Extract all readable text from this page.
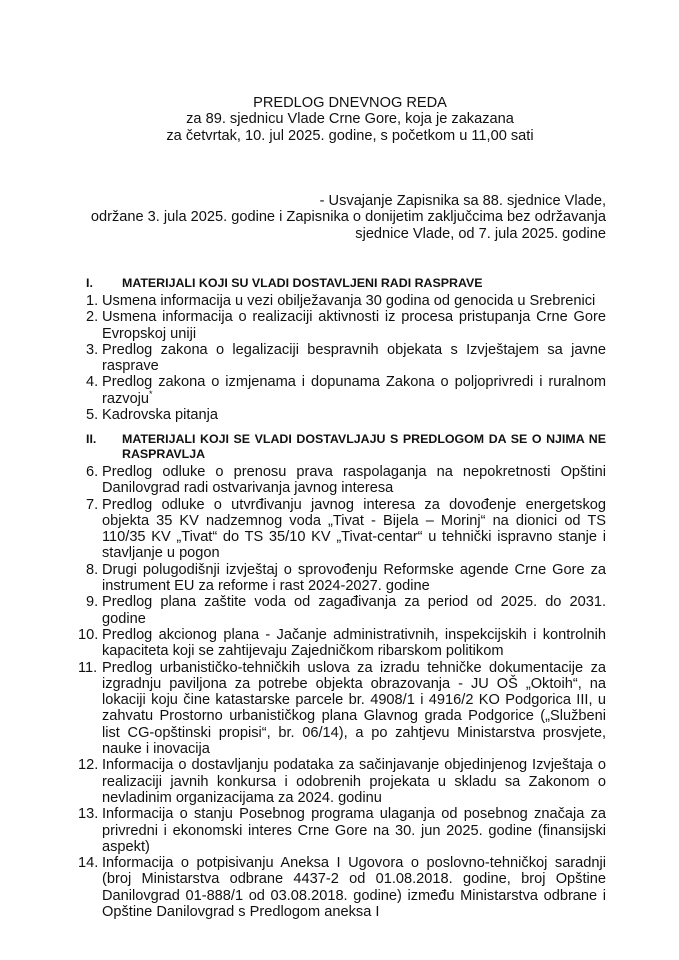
PREDLOG DNEVNOG REDA
za 89. sjednicu Vlade Crne Gore, koja je zakazana
za četvrtak, 10. jul 2025. godine, s početkom u 11,00 sati
- Usvajanje Zapisnika sa 88. sjednice Vlade,
održane 3. jula 2025. godine i Zapisnika o donijetim zaključcima bez održavanja
sjednice Vlade, od 7. jula 2025. godine
I.	MATERIJALI KOJI SU VLADI DOSTAVLJENI RADI RASPRAVE
1. Usmena informacija u vezi obilježavanja 30 godina od genocida u Srebrenici
2. Usmena informacija o realizaciji aktivnosti iz procesa pristupanja Crne Gore Evropskoj uniji
3. Predlog zakona o legalizaciji bespravnih objekata s Izvještajem sa javne rasprave
4. Predlog zakona o izmjenama i dopunama Zakona o poljoprivredi i ruralnom razvoju*
5. Kadrovska pitanja
II.	MATERIJALI KOJI SE VLADI DOSTAVLJAJU S PREDLOGOM DA SE O NJIMA NE RASPRAVLJA
6. Predlog odluke o prenosu prava raspolaganja na nepokretnosti Opštini Danilovgrad radi ostvarivanja javnog interesa
7. Predlog odluke o utvrđivanju javnog interesa za dovođenje energetskog objekta 35 KV nadzemnog voda „Tivat - Bijela – Morinj“ na dionici od TS 110/35 KV „Tivat“ do TS 35/10 KV „Tivat-centar“ u tehnički ispravno stanje i stavljanje u pogon
8. Drugi polugodišnji izvještaj o sprovođenju Reformske agende Crne Gore za instrument EU za reforme i rast 2024-2027. godine
9. Predlog plana zaštite voda od zagađivanja za period od 2025. do 2031. godine
10. Predlog akcionog plana - Jačanje administrativnih, inspekcijskih i kontrolnih kapaciteta koji se zahtijevaju Zajedničkom ribarskom politikom
11. Predlog urbanističko-tehničkih uslova za izradu tehničke dokumentacije za izgradnju paviljona za potrebe objekta obrazovanja - JU OŠ „Oktoih“, na lokaciji koju čine katastarske parcele br. 4908/1 i 4916/2 KO Podgorica III, u zahvatu Prostorno urbanističkog plana Glavnog grada Podgorice („Službeni list CG-opštinski propisi“, br. 06/14), a po zahtjevu Ministarstva prosvjete, nauke i inovacija
12. Informacija o dostavljanju podataka za sačinjavanje objedinjenog Izvještaja o realizaciji javnih konkursa i odobrenih projekata u skladu sa Zakonom o nevladinim organizacijama za 2024. godinu
13. Informacija o stanju Posebnog programa ulaganja od posebnog značaja za privredni i ekonomski interes Crne Gore na 30. jun 2025. godine (finansijski aspekt)
14. Informacija o potpisivanju Aneksa I Ugovora o poslovno-tehničkoj saradnji (broj Ministarstva odbrane 4437-2 od 01.08.2018. godine, broj Opštine Danilovgrad 01-888/1 od 03.08.2018. godine) između Ministarstva odbrane i Opštine Danilovgrad s Predlogom aneksa I
